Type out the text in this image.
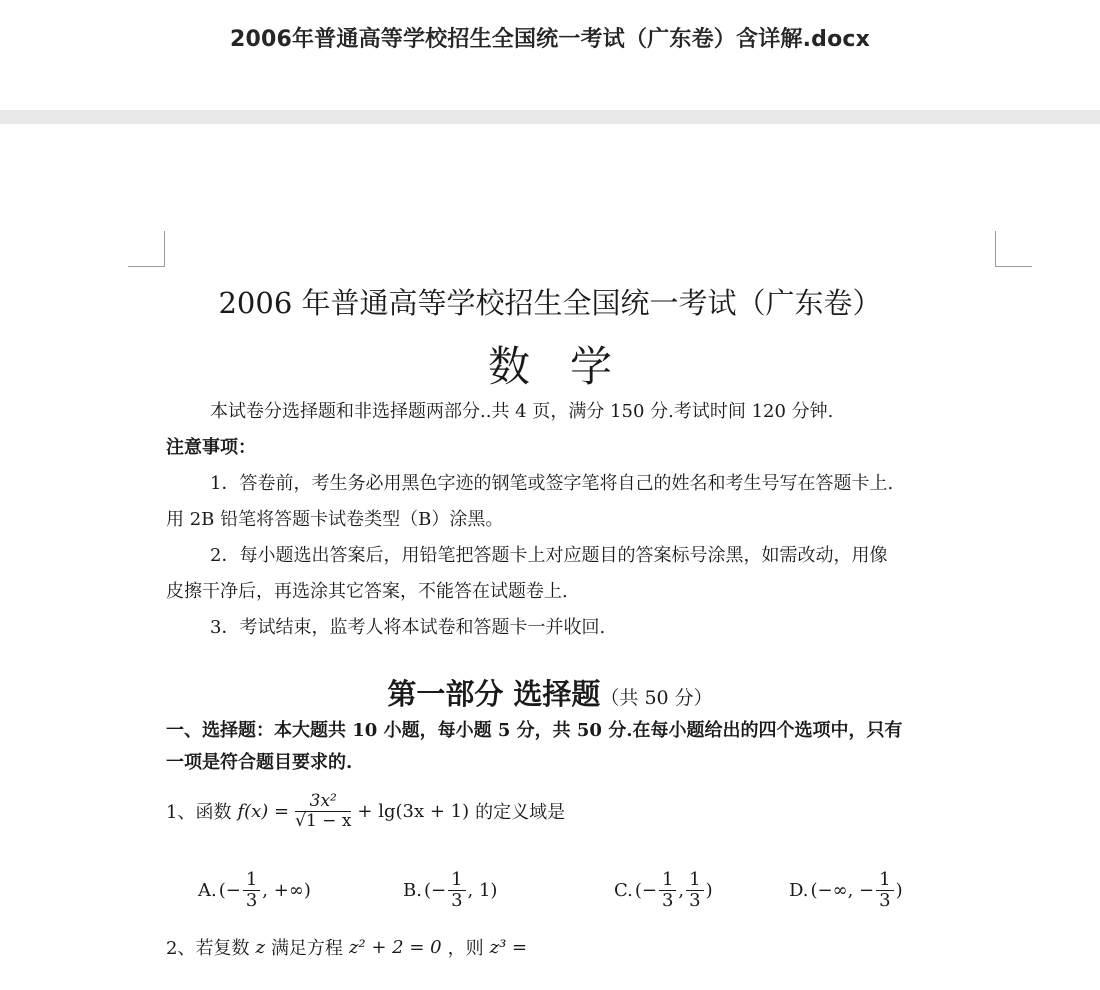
2006年普通高等学校招生全国统一考试（广东卷）含详解.docx
2006 年普通高等学校招生全国统一考试（广东卷）
数学
本试卷分选择题和非选择题两部分..共 4 页，满分 150 分.考试时间 120 分钟.
注意事项：
1．答卷前，考生务必用黑色字迹的钢笔或签字笔将自己的姓名和考生号写在答题卡上.
用 2B 铅笔将答题卡试卷类型（B）涂黑。
2．每小题选出答案后，用铅笔把答题卡上对应题目的答案标号涂黑，如需改动，用像
皮擦干净后，再选涂其它答案，不能答在试题卷上.
3．考试结束，监考人将本试卷和答题卡一并收回.
第一部分 选择题（共 50 分）
一、选择题：本大题共 10 小题，每小题 5 分，共 50 分.在每小题给出的四个选项中，只有
一项是符合题目要求的.
1、函数 $f(x) = \frac{\text{3x²}}{√1 - x} + \lg(3x + 1)$ 的定义域是
A. (− $\frac{1}{3}$ , +∞)	B. (− $\frac{1}{3}$ , 1)	C. (− $\frac{1}{3}$ , $\frac{1}{3}$ )	D. (−∞, − $\frac{1}{3}$ )
2、若复数 z 满足方程 z² + 2 = 0 ，则 z³ =
